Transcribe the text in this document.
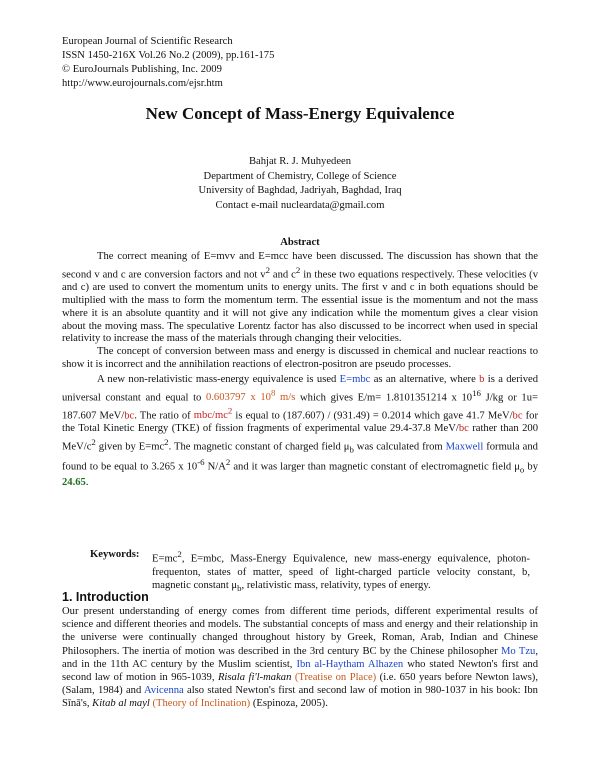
European Journal of Scientific Research
ISSN 1450-216X Vol.26 No.2 (2009), pp.161-175
© EuroJournals Publishing, Inc. 2009
http://www.eurojournals.com/ejsr.htm
New Concept of Mass-Energy Equivalence
Bahjat R. J. Muhyedeen
Department of Chemistry, College of Science
University of Baghdad, Jadriyah, Baghdad, Iraq
Contact e-mail nucleardata@gmail.com
Abstract

The correct meaning of E=mvv and E=mcc have been discussed. The discussion has shown that the second v and c are conversion factors and not $v^2$ and $c^2$ in these two equations respectively. These velocities (v and c) are used to convert the momentum units to energy units. The first v and c in both equations should be multiplied with the mass to form the momentum term. The essential issue is the momentum and not the mass where it is an absolute quantity and it will not give any indication while the momentum gives a clear vision about the moving mass. The speculative Lorentz factor has also discussed to be incorrect when used in special relativity to increase the mass of the materials through changing their velocities.

The concept of conversion between mass and energy is discussed in chemical and nuclear reactions to show it is incorrect and the annihilation reactions of electron-positron are pseudo processes.

A new non-relativistic mass-energy equivalence is used E=mbc as an alternative, where b is a derived universal constant and equal to 0.603797 x $10^8$ m/s which gives E/m= 1.8101351214 x $10^{16}$ J/kg or 1u= 187.607 MeV/bc. The ratio of mbc/$mc^2$ is equal to (187.607) / (931.49) = 0.2014 which gave 41.7 MeV/bc for the Total Kinetic Energy (TKE) of fission fragments of experimental value 29.4-37.8 MeV/bc rather than 200 MeV/$c^2$ given by $E=mc^2$. The magnetic constant of charged field $\mu_b$ was calculated from Maxwell formula and found to be equal to 3.265 x $10^{-6}$ $N/A^2$ and it was larger than magnetic constant of electromagnetic field $\mu_o$ by 24.65.

Keywords: $E=mc^2$, E=mbc, Mass-Energy Equivalence, new mass-energy equivalence, photon-frequenton, states of matter, speed of light-charged particle velocity constant, b, magnetic constant $\mu_b$, relativistic mass, relativity, types of energy.
1. Introduction

Our present understanding of energy comes from different time periods, different experimental results of science and different theories and models. The substantial concepts of mass and energy and their relationship in the universe were continually changed throughout history by Greek, Roman, Arab, Indian and Chinese Philosophers. The inertia of motion was described in the 3rd century BC by the Chinese philosopher Mo Tzu, and in the 11th AC century by the Muslim scientist, Ibn al-Haytham Alhazen who stated Newton's first and second law of motion in 965-1039, Risala fi'l-makan (Treatise on Place) (i.e. 650 years before Newton laws), (Salam, 1984) and Avicenna also stated Newton's first and second law of motion in 980-1037 in his book: Ibn Sīnā's, Kitab al mayl (Theory of Inclination) (Espinoza, 2005).
